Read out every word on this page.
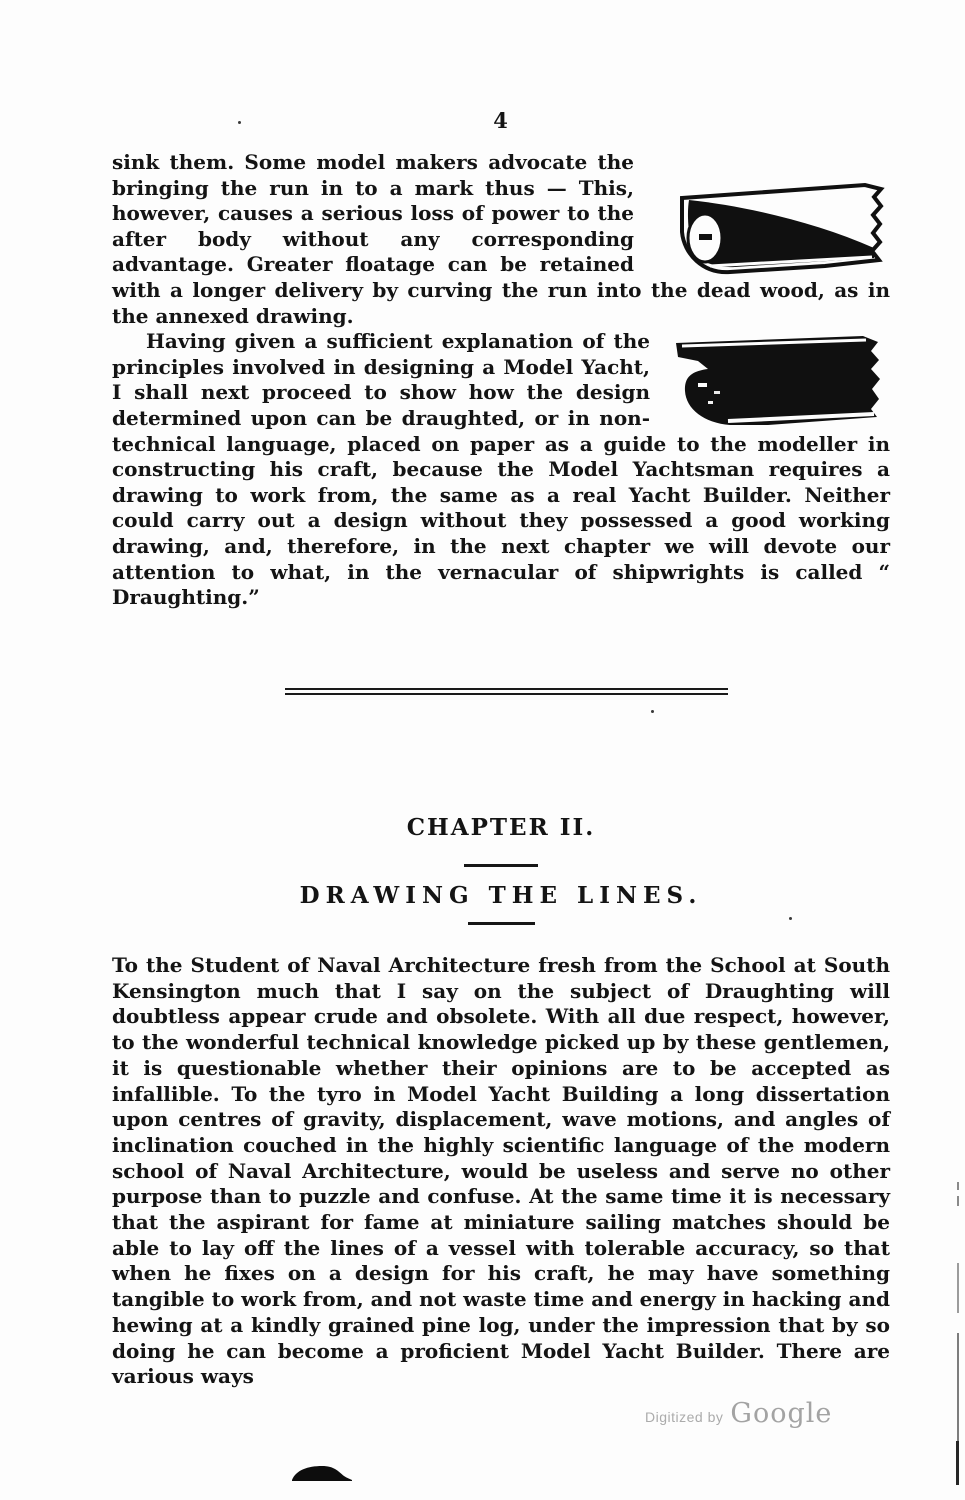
4

sink them. Some model makers advocate the bringing the run in to a mark thus — This, however, causes a serious loss of power to the after body without any corresponding advantage. Greater floatage can be retained with a longer delivery by curving the run into the dead wood, as in the annexed drawing.

Having given a sufficient explanation of the principles involved in designing a Model Yacht, I shall next proceed to show how the design determined upon can be draughted, or in non-technical language, placed on paper as a guide to the modeller in constructing his craft, because the Model Yachtsman requires a drawing to work from, the same as a real Yacht Builder. Neither could carry out a design without they possessed a good working drawing, and, therefore, in the next chapter we will devote our attention to what, in the vernacular of shipwrights is called “ Draughting.”

CHAPTER II.
DRAWING THE LINES.

To the Student of Naval Architecture fresh from the School at South Kensington much that I say on the subject of Draughting will doubtless appear crude and obsolete. With all due respect, however, to the wonderful technical knowledge picked up by these gentlemen, it is questionable whether their opinions are to be accepted as infallible. To the tyro in Model Yacht Building a long dissertation upon centres of gravity, displacement, wave motions, and angles of inclination couched in the highly scientific language of the modern school of Naval Architecture, would be useless and serve no other purpose than to puzzle and confuse. At the same time it is necessary that the aspirant for fame at miniature sailing matches should be able to lay off the lines of a vessel with tolerable accuracy, so that when he fixes on a design for his craft, he may have something tangible to work from, and not waste time and energy in hacking and hewing at a kindly grained pine log, under the impression that by so doing he can become a proficient Model Yacht Builder. There are various ways

Digitized by Google
